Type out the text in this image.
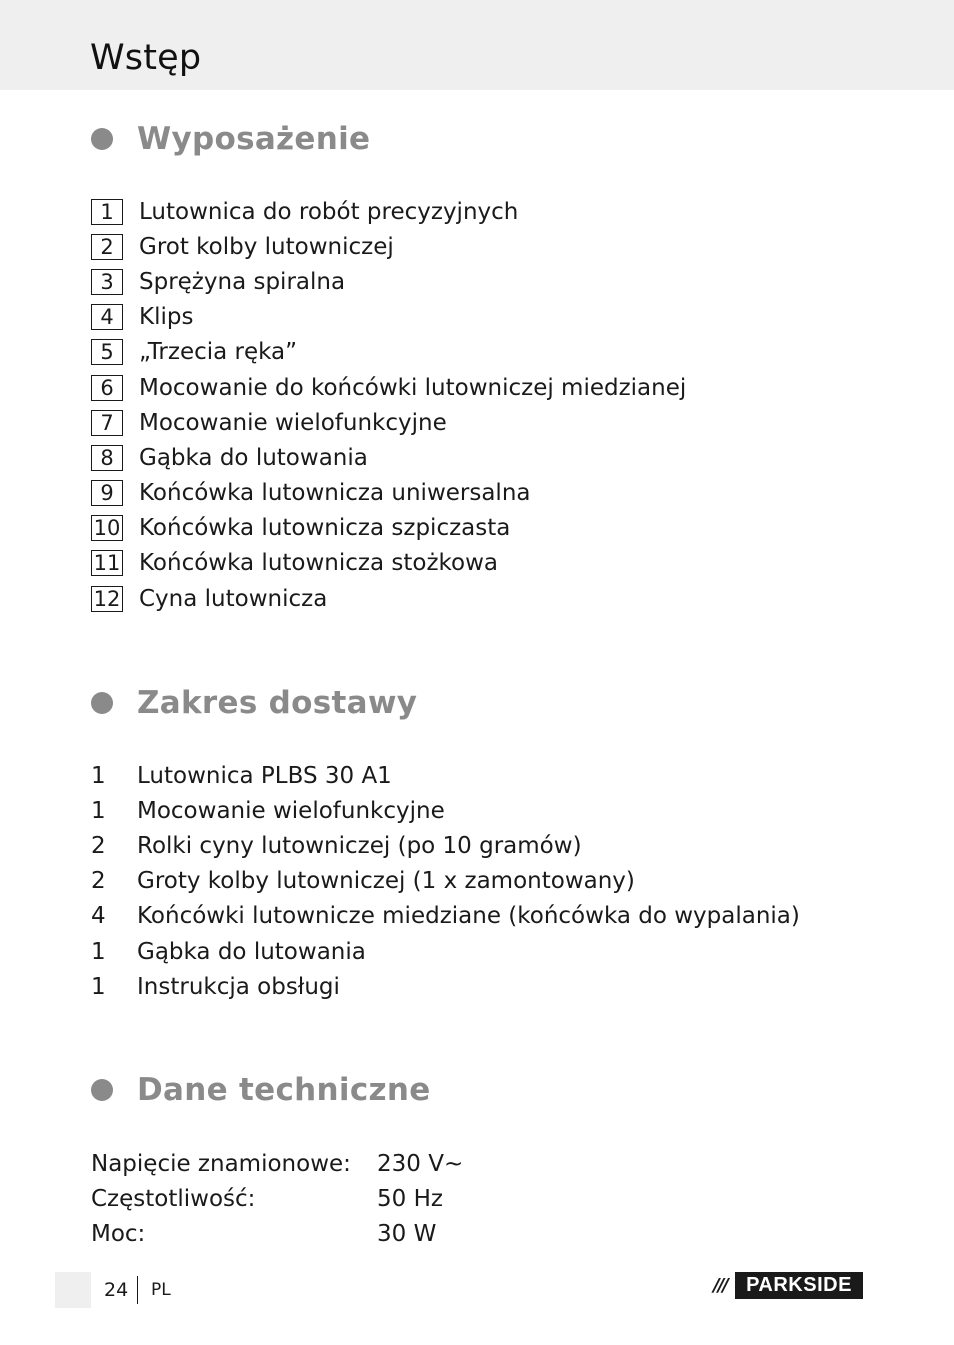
Wstęp
Wyposażenie
1	Lutownica do robót precyzyjnych
2	Grot kolby lutowniczej
3	Sprężyna spiralna
4	Klips
5	„Trzecia ręka”
6	Mocowanie do końcówki lutowniczej miedzianej
7	Mocowanie wielofunkcyjne
8	Gąbka do lutowania
9	Końcówka lutownicza uniwersalna
10 Końcówka lutownicza szpiczasta
11 Końcówka lutownicza stożkowa
12 Cyna lutownicza
Zakres dostawy
1	Lutownica PLBS 30 A1
1	Mocowanie wielofunkcyjne
2	Rolki cyny lutowniczej (po 10 gramów)
2	Groty kolby lutowniczej (1 x zamontowany)
4	Końcówki lutownicze miedziane (końcówka do wypalania)
1	Gąbka do lutowania
1	Instrukcja obsługi
Dane techniczne
Napięcie znamionowe:	230 V∼
Częstotliwość:	50 Hz
Moc:	30 W
24 PL	/// PARKSIDE
